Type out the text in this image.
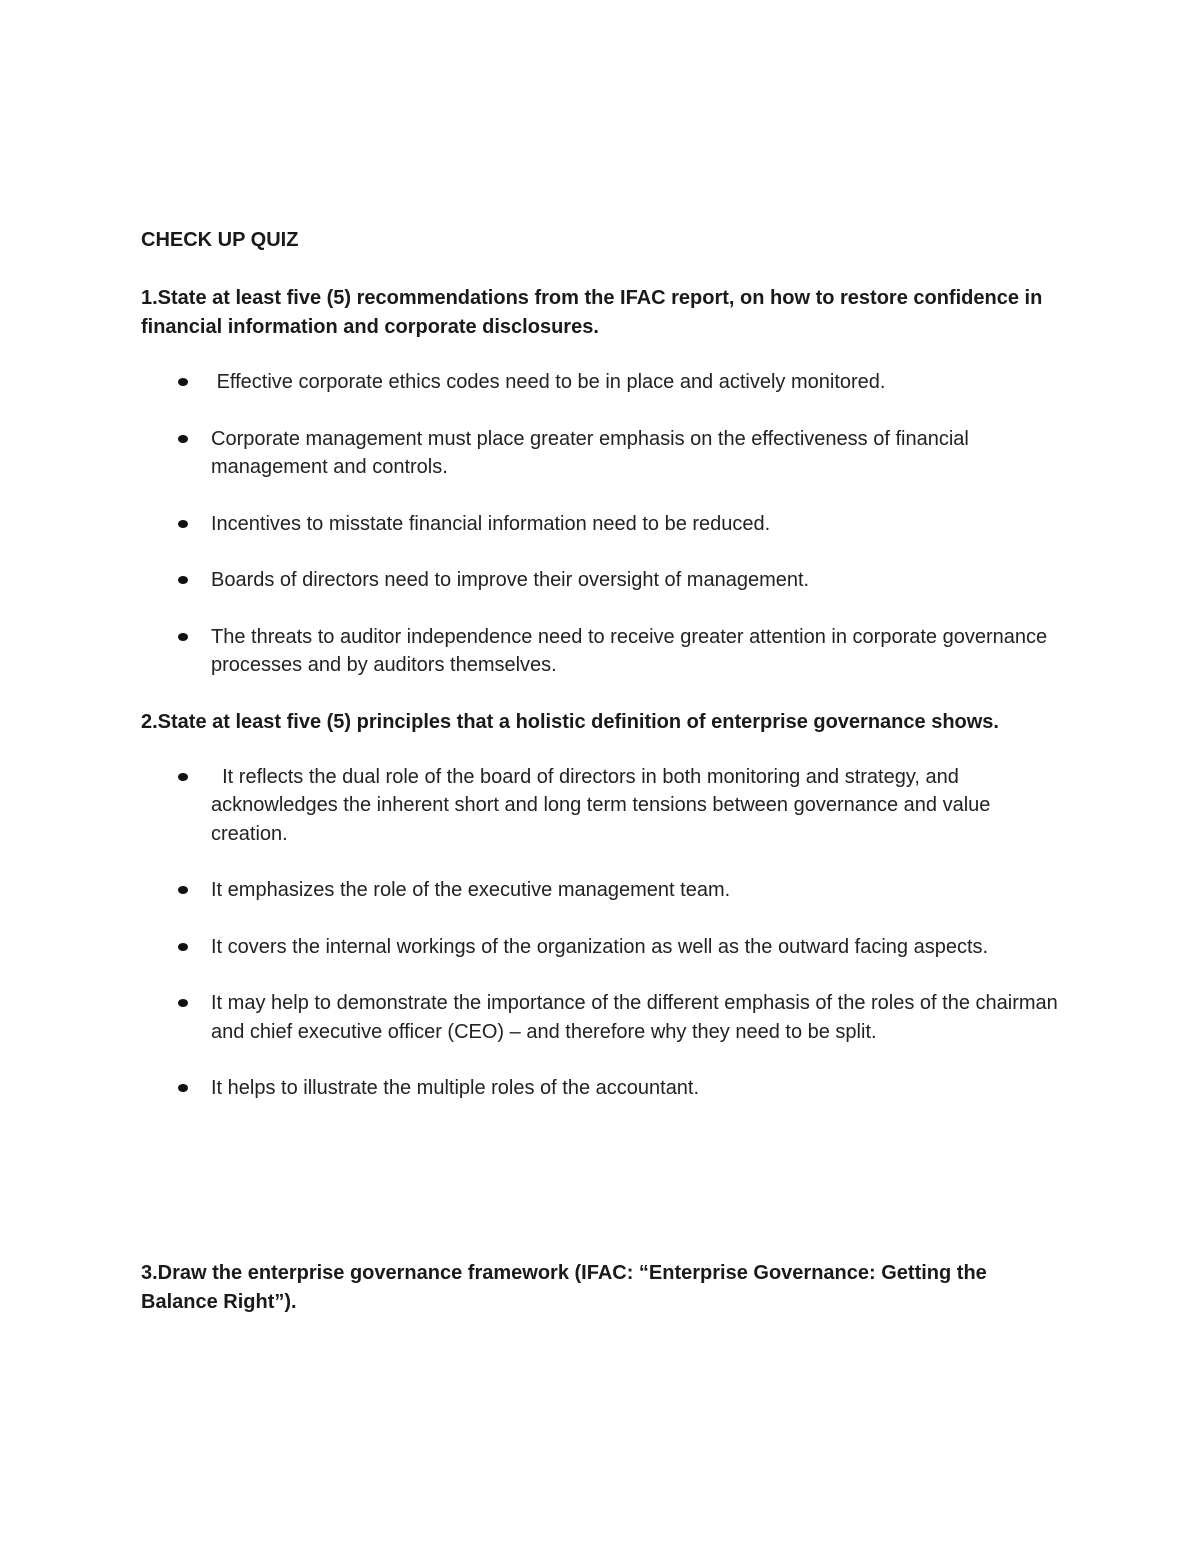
CHECK UP QUIZ
1.State at least five (5) recommendations from the IFAC report, on how to restore confidence in financial information and corporate disclosures.
Effective corporate ethics codes need to be in place and actively monitored.
Corporate management must place greater emphasis on the effectiveness of financial management and controls.
Incentives to misstate financial information need to be reduced.
Boards of directors need to improve their oversight of management.
The threats to auditor independence need to receive greater attention in corporate governance processes and by auditors themselves.
2.State at least five (5) principles that a holistic definition of enterprise governance shows.
It reflects the dual role of the board of directors in both monitoring and strategy, and acknowledges the inherent short and long term tensions between governance and value creation.
It emphasizes the role of the executive management team.
It covers the internal workings of the organization as well as the outward facing aspects.
It may help to demonstrate the importance of the different emphasis of the roles of the chairman and chief executive officer (CEO) – and therefore why they need to be split.
It helps to illustrate the multiple roles of the accountant.
3.Draw the enterprise governance framework (IFAC: “Enterprise Governance: Getting the Balance Right”).
